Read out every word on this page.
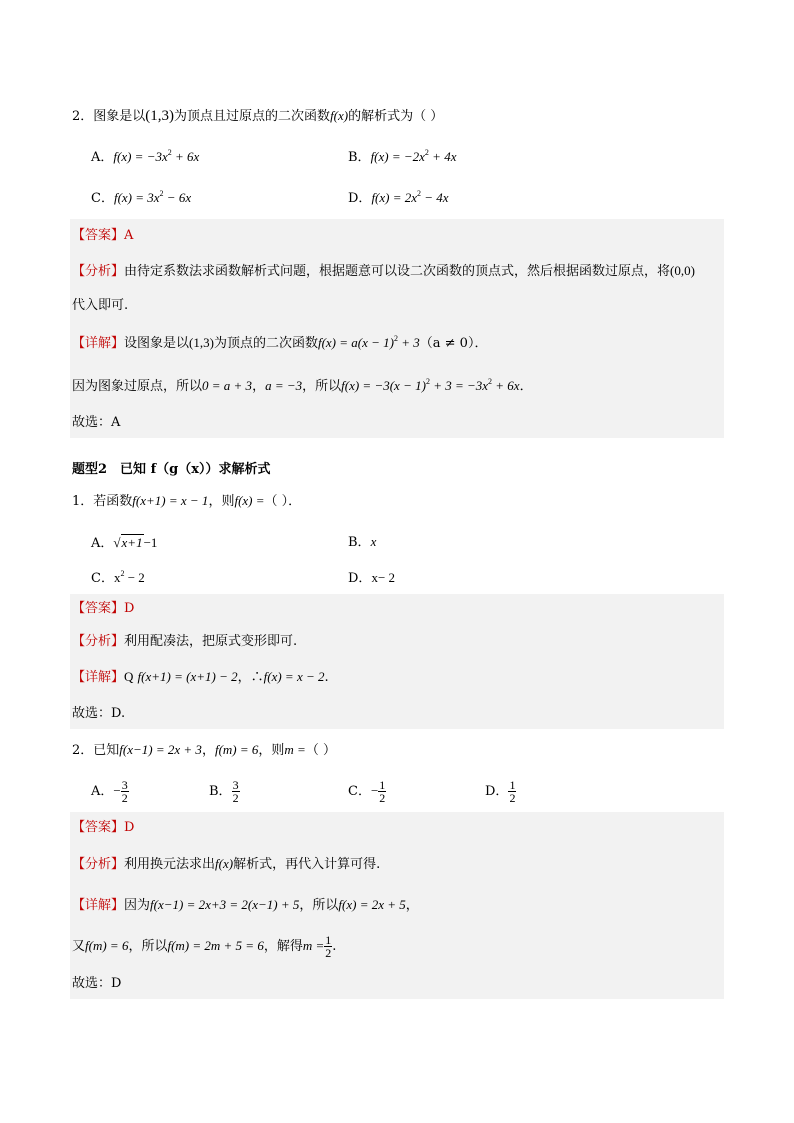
2．图象是以(1,3)为顶点且过原点的二次函数f(x)的解析式为（ ）
A．$f(x) = -3x^2 + 6x$	B．$f(x) = -2x^2 + 4x$
C．$f(x) = 3x^2 - 6x$	D．$f(x) = 2x^2 - 4x$
【答案】A
【分析】由待定系数法求函数解析式问题，根据题意可以设二次函数的顶点式，然后根据函数过原点，将(0,0)
代入即可.
【详解】设图象是以(1,3)为顶点的二次函数$f(x) = a(x - 1)^2 + 3(a \ne 0)$．
因为图象过原点，所以0 = a + 3，a = −3，所以$f(x) = -3(x - 1)^2 + 3 = -3x^2 + 6x$．
故选：A
题型2　已知 f（g（x））求解析式
1．若函数f(x+1) = x − 1，则f(x) =（ ）．
A．√x+1−1	B．x
C．$x^2 - 2$	D．x− 2
【答案】D
【分析】利用配凑法，把原式变形即可.
【详解】Q f(x+1) = (x+1) − 2，∴f(x) = x − 2.
故选：D.
2．已知f(x−1) = 2x + 3，f(m) = 6，则m =（ ）
A．− $\frac{3}{2}$	B． $\frac{3}{2}$	C．− $\frac{1}{2}$	D． $\frac{1}{2}$
【答案】D
【分析】利用换元法求出f(x)解析式，再代入计算可得.
【详解】因为f(x−1) = 2x+3 = 2(x−1) + 5，所以f(x) = 2x + 5，
又f(m) = 6，所以f(m) = 2m + 5 = 6，解得$m = \frac{1}{2}$ .
故选：D
